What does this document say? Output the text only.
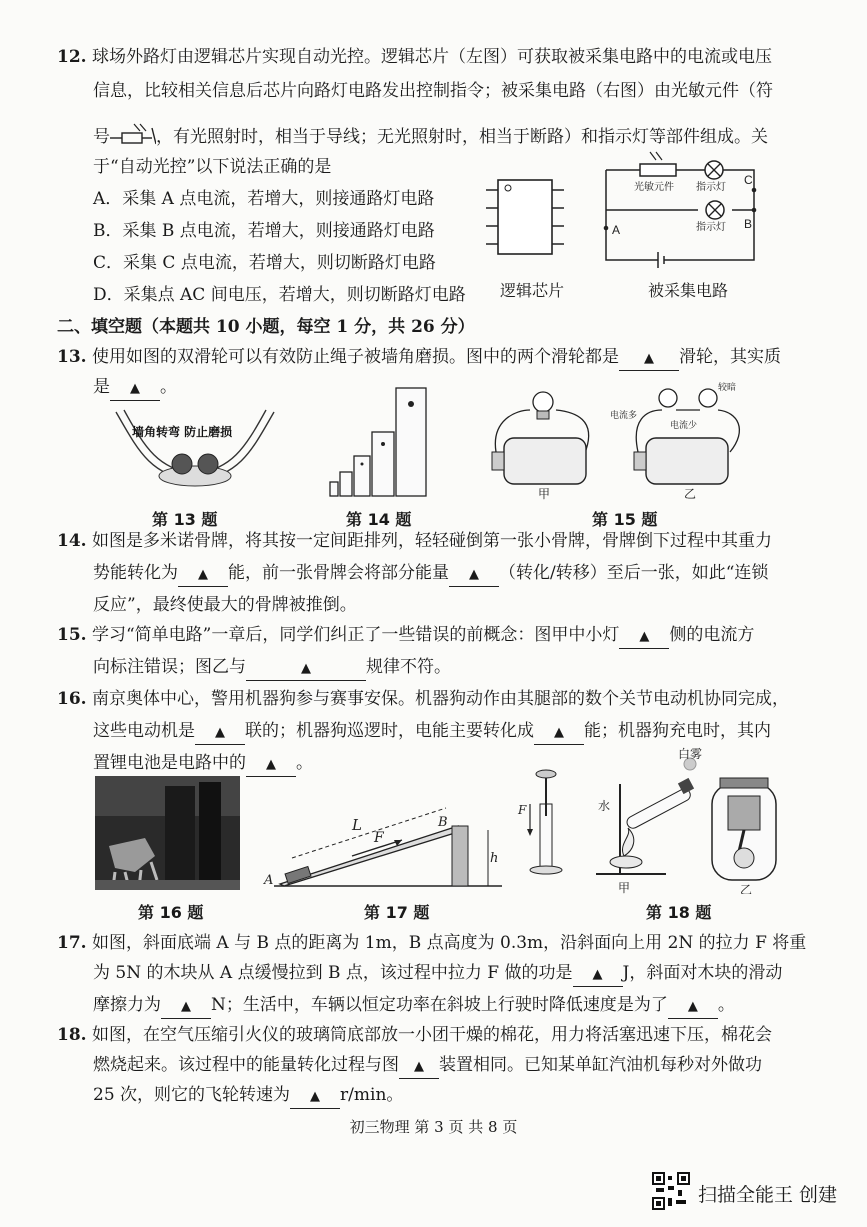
12. 球场外路灯由逻辑芯片实现自动光控。逻辑芯片（左图）可获取被采集电路中的电流或电压
信息，比较相关信息后芯片向路灯电路发出控制指令；被采集电路（右图）由光敏元件（符
号	，有光照射时，相当于导线；无光照射时，相当于断路）和指示灯等部件组成。关
于“自动光控”以下说法正确的是
A．采集 A 点电流，若增大，则接通路灯电路
B．采集 B 点电流，若增大，则接通路灯电路
C．采集 C 点电流，若增大，则切断路灯电路
D．采集点 AC 间电压，若增大，则切断路灯电路 逻辑芯片
光敏元件 指示灯
指示灯
A	B
C
被采集电路
二、填空题（本题共 10 小题，每空 1 分，共 26 分）
13. 使用如图的双滑轮可以有效防止绳子被墙角磨损。图中的两个滑轮都是 ▲ 滑轮，其实质
是 ▲ 。
墙角转弯 防止磨损
电流多
电流少
较暗
甲	乙
第 13 题	第 14 题	第 15 题
14. 如图是多米诺骨牌，将其按一定间距排列，轻轻碰倒第一张小骨牌，骨牌倒下过程中其重力
势能转化为 ▲ 能，前一张骨牌会将部分能量 ▲ （转化/转移）至后一张，如此“连锁
反应”，最终使最大的骨牌被推倒。
15. 学习“简单电路”一章后，同学们纠正了一些错误的前概念：图甲中小灯 ▲ 侧的电流方
向标注错误；图乙与	▲	规律不符。
16. 南京奥体中心，警用机器狗参与赛事安保。机器狗动作由其腿部的数个关节电动机协同完成，
这些电动机是 ▲ 联的；机器狗巡逻时，电能主要转化成 ▲ 能；机器狗充电时，其内
置锂电池是电路中的 ▲ 。
L
F
A
B
h
F	水
白雾
甲	乙
第 16 题	第 17 题	第 18 题
17. 如图，斜面底端 A 与 B 点的距离为 1m，B 点高度为 0.3m，沿斜面向上用 2N 的拉力 F 将重
为 5N 的木块从 A 点缓慢拉到 B 点，该过程中拉力 F 做的功是 ▲ J，斜面对木块的滑动
摩擦力为 ▲ N；生活中，车辆以恒定功率在斜坡上行驶时降低速度是为了 ▲ 。
18. 如图，在空气压缩引火仪的玻璃筒底部放一小团干燥的棉花，用力将活塞迅速下压，棉花会
燃烧起来。该过程中的能量转化过程与图 ▲ 装置相同。已知某单缸汽油机每秒对外做功
25 次，则它的飞轮转速为 ▲ r/min。
初三物理 第 3 页 共 8 页
扫描全能王 创建
